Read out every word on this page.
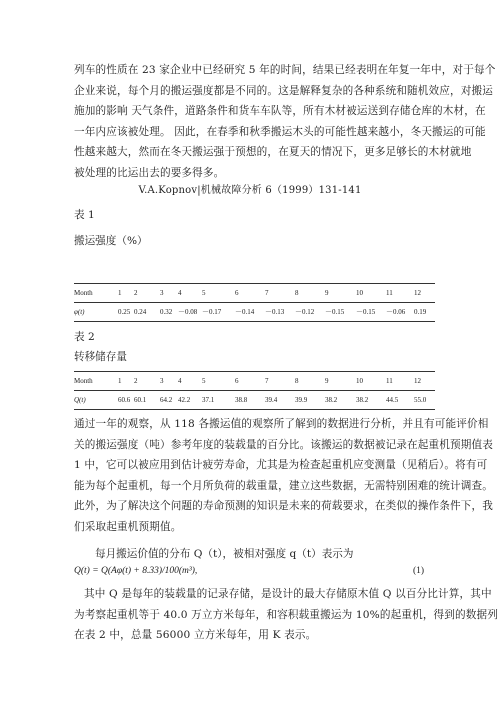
列车的性质在 23 家企业中已经研究 5 年的时间，结果已经表明在年复一年中，对于每个
企业来说，每个月的搬运强度都是不同的。这是解释复杂的各种系统和随机效应，对搬运
施加的影响 天气条件，道路条件和货车车队等，所有木材被运送到存储仓库的木材，在
一年内应该被处理。 因此，在春季和秋季搬运木头的可能性越来越小，冬天搬运的可能
性越来越大，然而在冬天搬运强于预想的，在夏天的情况下，更多足够长的木材就地
被处理的比运出去的要多得多。

V.A.Kopnov|机械故障分析 6（1999）131-141
表 1
搬运强度（%）
Month	1	2	3	4	5	6	7	8	9	10	11	12
φ(t)	0.25	0.24	0.32	－0.08	－0.17	－0.14	－0.13	－0.12	－0.15	－0.15	－0.06	0.19
表 2
转移储存量
Month	1	2	3	4	5	6	7	8	9	10	11	12
Q(t)	60.6	60.1	64.2	42.2	37.1	38.8	39.4	39.9	38.2	38.2	44.5	55.0

通过一年的观察，从 118 各搬运值的观察所了解到的数据进行分析，并且有可能评价相
关的搬运强度（吨）参考年度的装载量的百分比。该搬运的数据被记录在起重机预期值表
1 中，它可以被应用到估计疲劳寿命，尤其是为检查起重机应变测量（见稍后）。将有可
能为每个起重机，每一个月所负荷的载重量，建立这些数据，无需特别困难的统计调查。
此外，为了解决这个问题的寿命预测的知识是未来的荷载要求，在类似的操作条件下，我
们采取起重机预期值。

每月搬运价值的分布 Q（t），被相对强度 q（t）表示为
Q(t) = Q(Aφ(t) + 8.33)/100(m³),	(1)

其中 Q 是每年的装载量的记录存储，是设计的最大存储原木值 Q 以百分比计算，其中
为考察起重机等于 40.0 万立方米每年，和容积载重搬运为 10%的起重机，得到的数据列
在表 2 中，总量 56000 立方米每年，用 K 表示。
